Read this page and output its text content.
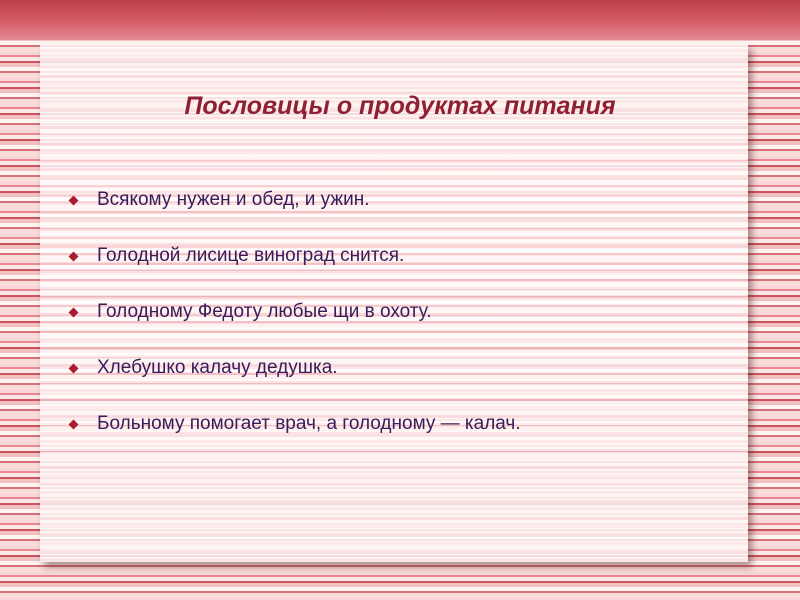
Пословицы о продуктах питания
Всякому нужен и обед, и ужин.
Голодной лисице виноград снится.
Голодному Федоту любые щи в охоту.
Хлебушко калачу дедушка.
Больному помогает врач, а голодному — калач.
